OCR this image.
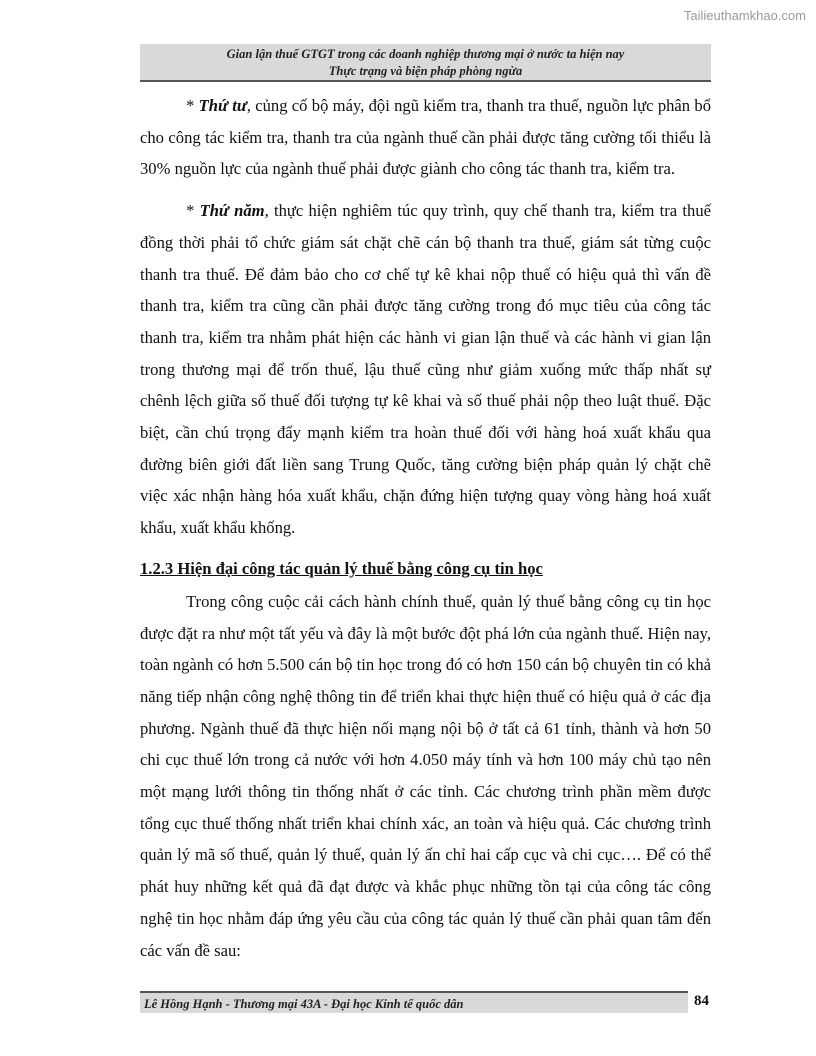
Tailieuthamkhao.com
Gian lận thuế GTGT trong các doanh nghiệp thương mại ở nước ta hiện nay
Thực trạng và biện pháp phòng ngừa

* Thứ tư, củng cố bộ máy, đội ngũ kiểm tra, thanh tra thuế, nguồn lực phân bổ cho công tác kiểm tra, thanh tra của ngành thuế cần phải được tăng cường tối thiểu là 30% nguồn lực của ngành thuế phải được giành cho công tác thanh tra, kiểm tra.

* Thứ năm, thực hiện nghiêm túc quy trình, quy chế thanh tra, kiểm tra thuế đồng thời phải tổ chức giám sát chặt chẽ cán bộ thanh tra thuế, giám sát từng cuộc thanh tra thuế. Để đảm bảo cho cơ chế tự kê khai nộp thuế có hiệu quả thì vấn đề thanh tra, kiểm tra cũng cần phải được tăng cường trong đó mục tiêu của công tác thanh tra, kiểm tra nhằm phát hiện các hành vi gian lận thuế và các hành vi gian lận trong thương mại để trốn thuế, lậu thuế cũng như giảm xuống mức thấp nhất sự chênh lệch giữa số thuế đối tượng tự kê khai và số thuế phải nộp theo luật thuế. Đặc biệt, cần chú trọng đẩy mạnh kiểm tra hoàn thuế đối với hàng hoá xuất khẩu qua đường biên giới đất liền sang Trung Quốc, tăng cường biện pháp quản lý chặt chẽ việc xác nhận hàng hóa xuất khẩu, chặn đứng hiện tượng quay vòng hàng hoá xuất khẩu, xuất khẩu khống.

1.2.3 Hiện đại công tác quản lý thuế bằng công cụ tin học

Trong công cuộc cải cách hành chính thuế, quản lý thuế bằng công cụ tin học được đặt ra như một tất yếu và đây là một bước đột phá lớn của ngành thuế. Hiện nay, toàn ngành có hơn 5.500 cán bộ tin học trong đó có hơn 150 cán bộ chuyên tin có khả năng tiếp nhận công nghệ thông tin để triển khai thực hiện thuế có hiệu quả ở các địa phương. Ngành thuế đã thực hiện nối mạng nội bộ ở tất cả 61 tỉnh, thành và hơn 50 chi cục thuế lớn trong cả nước với hơn 4.050 máy tính và hơn 100 máy chủ tạo nên một mạng lưới thông tin thống nhất ở các tỉnh. Các chương trình phần mềm được tổng cục thuế thống nhất triển khai chính xác, an toàn và hiệu quả. Các chương trình quản lý mã số thuế, quản lý thuế, quản lý ấn chỉ hai cấp cục và chi cục…. Để có thể phát huy những kết quả đã đạt được và khắc phục những tồn tại của công tác công nghệ tin học nhằm đáp ứng yêu cầu của công tác quản lý thuế cần phải quan tâm đến các vấn đề sau:

Lê Hồng Hạnh - Thương mại 43A - Đại học Kinh tế quốc dân	84
